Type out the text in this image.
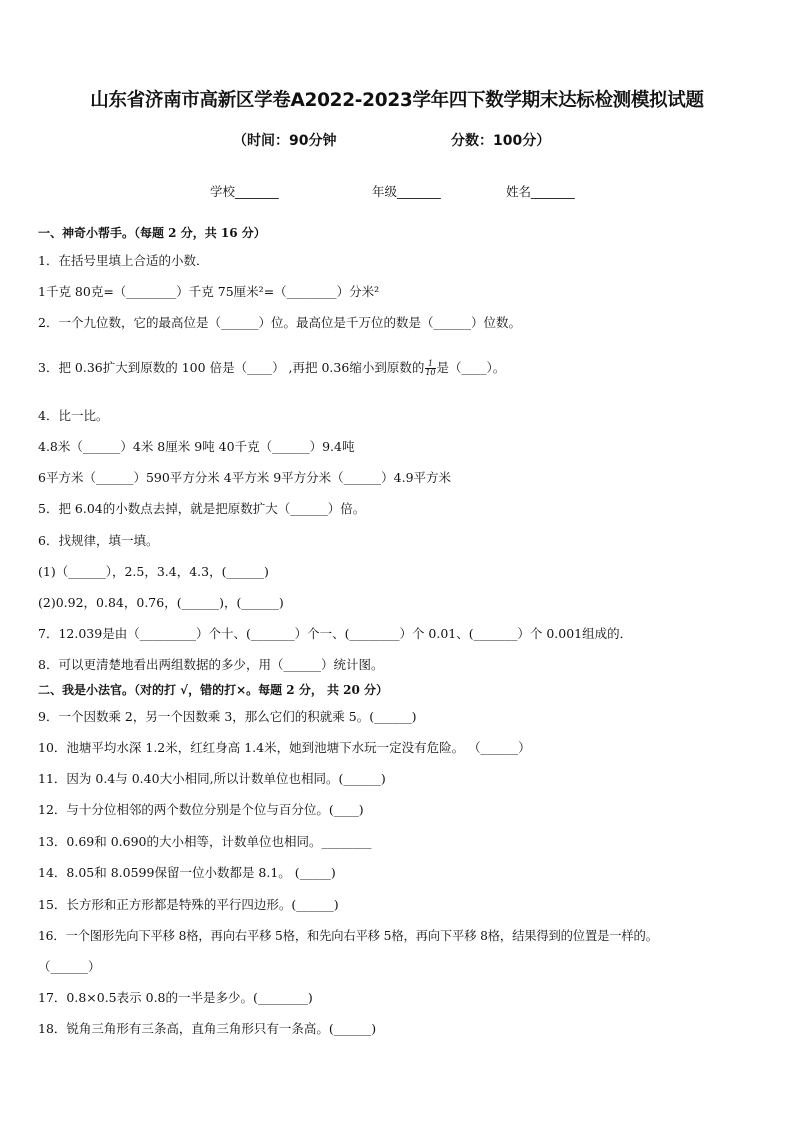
山东省济南市高新区学卷A2022-2023学年四下数学期末达标检测模拟试题
（时间：90分钟	分数：100分）
学校_______	年级_______	姓名_______
一、神奇小帮手。（每题 2 分，共 16 分）
1．在括号里填上合适的小数．
1千克 80克=（________）千克 75厘米²=（________）分米²
2．一个九位数，它的最高位是（______）位。最高位是千万位的数是（______）位数。
3．把 0.36扩大到原数的 100 倍是（____） ,再把 0.36缩小到原数的 $\frac{1}{10}$ 是（____）。
4．比一比。
4.8米（______）4米 8厘米 9吨 40千克（______）9.4吨
6平方米（______）590平方分米 4平方米 9平方分米（______）4.9平方米
5．把 6.04的小数点去掉，就是把原数扩大（______）倍。
6．找规律，填一填。
(1)（______），2.5，3.4，4.3，(______)
(2)0.92，0.84，0.76，(______)，(______)
7．12.039是由（_________）个十、(_______）个一、(________）个 0.01、(_______）个 0.001组成的．
8．可以更清楚地看出两组数据的多少，用（______）统计图。
二、我是小法官。（对的打 √，错的打×。每题 2 分， 共 20 分）
9．一个因数乘 2，另一个因数乘 3，那么它们的积就乘 5。(______)
10．池塘平均水深 1.2米，红红身高 1.4米，她到池塘下水玩一定没有危险。 （______）
11．因为 0.4与 0.40大小相同,所以计数单位也相同。(______)
12．与十分位相邻的两个数位分别是个位与百分位。(____)
13．0.69和 0.690的大小相等，计数单位也相同。________
14．8.05和 8.0599保留一位小数都是 8.1。 (_____)
15．长方形和正方形都是特殊的平行四边形。(______)
16．一个图形先向下平移 8格，再向右平移 5格，和先向右平移 5格，再向下平移 8格，结果得到的位置是一样的。
（______）
17．0.8×0.5表示 0.8的一半是多少。(________)
18．锐角三角形有三条高，直角三角形只有一条高。(______)
